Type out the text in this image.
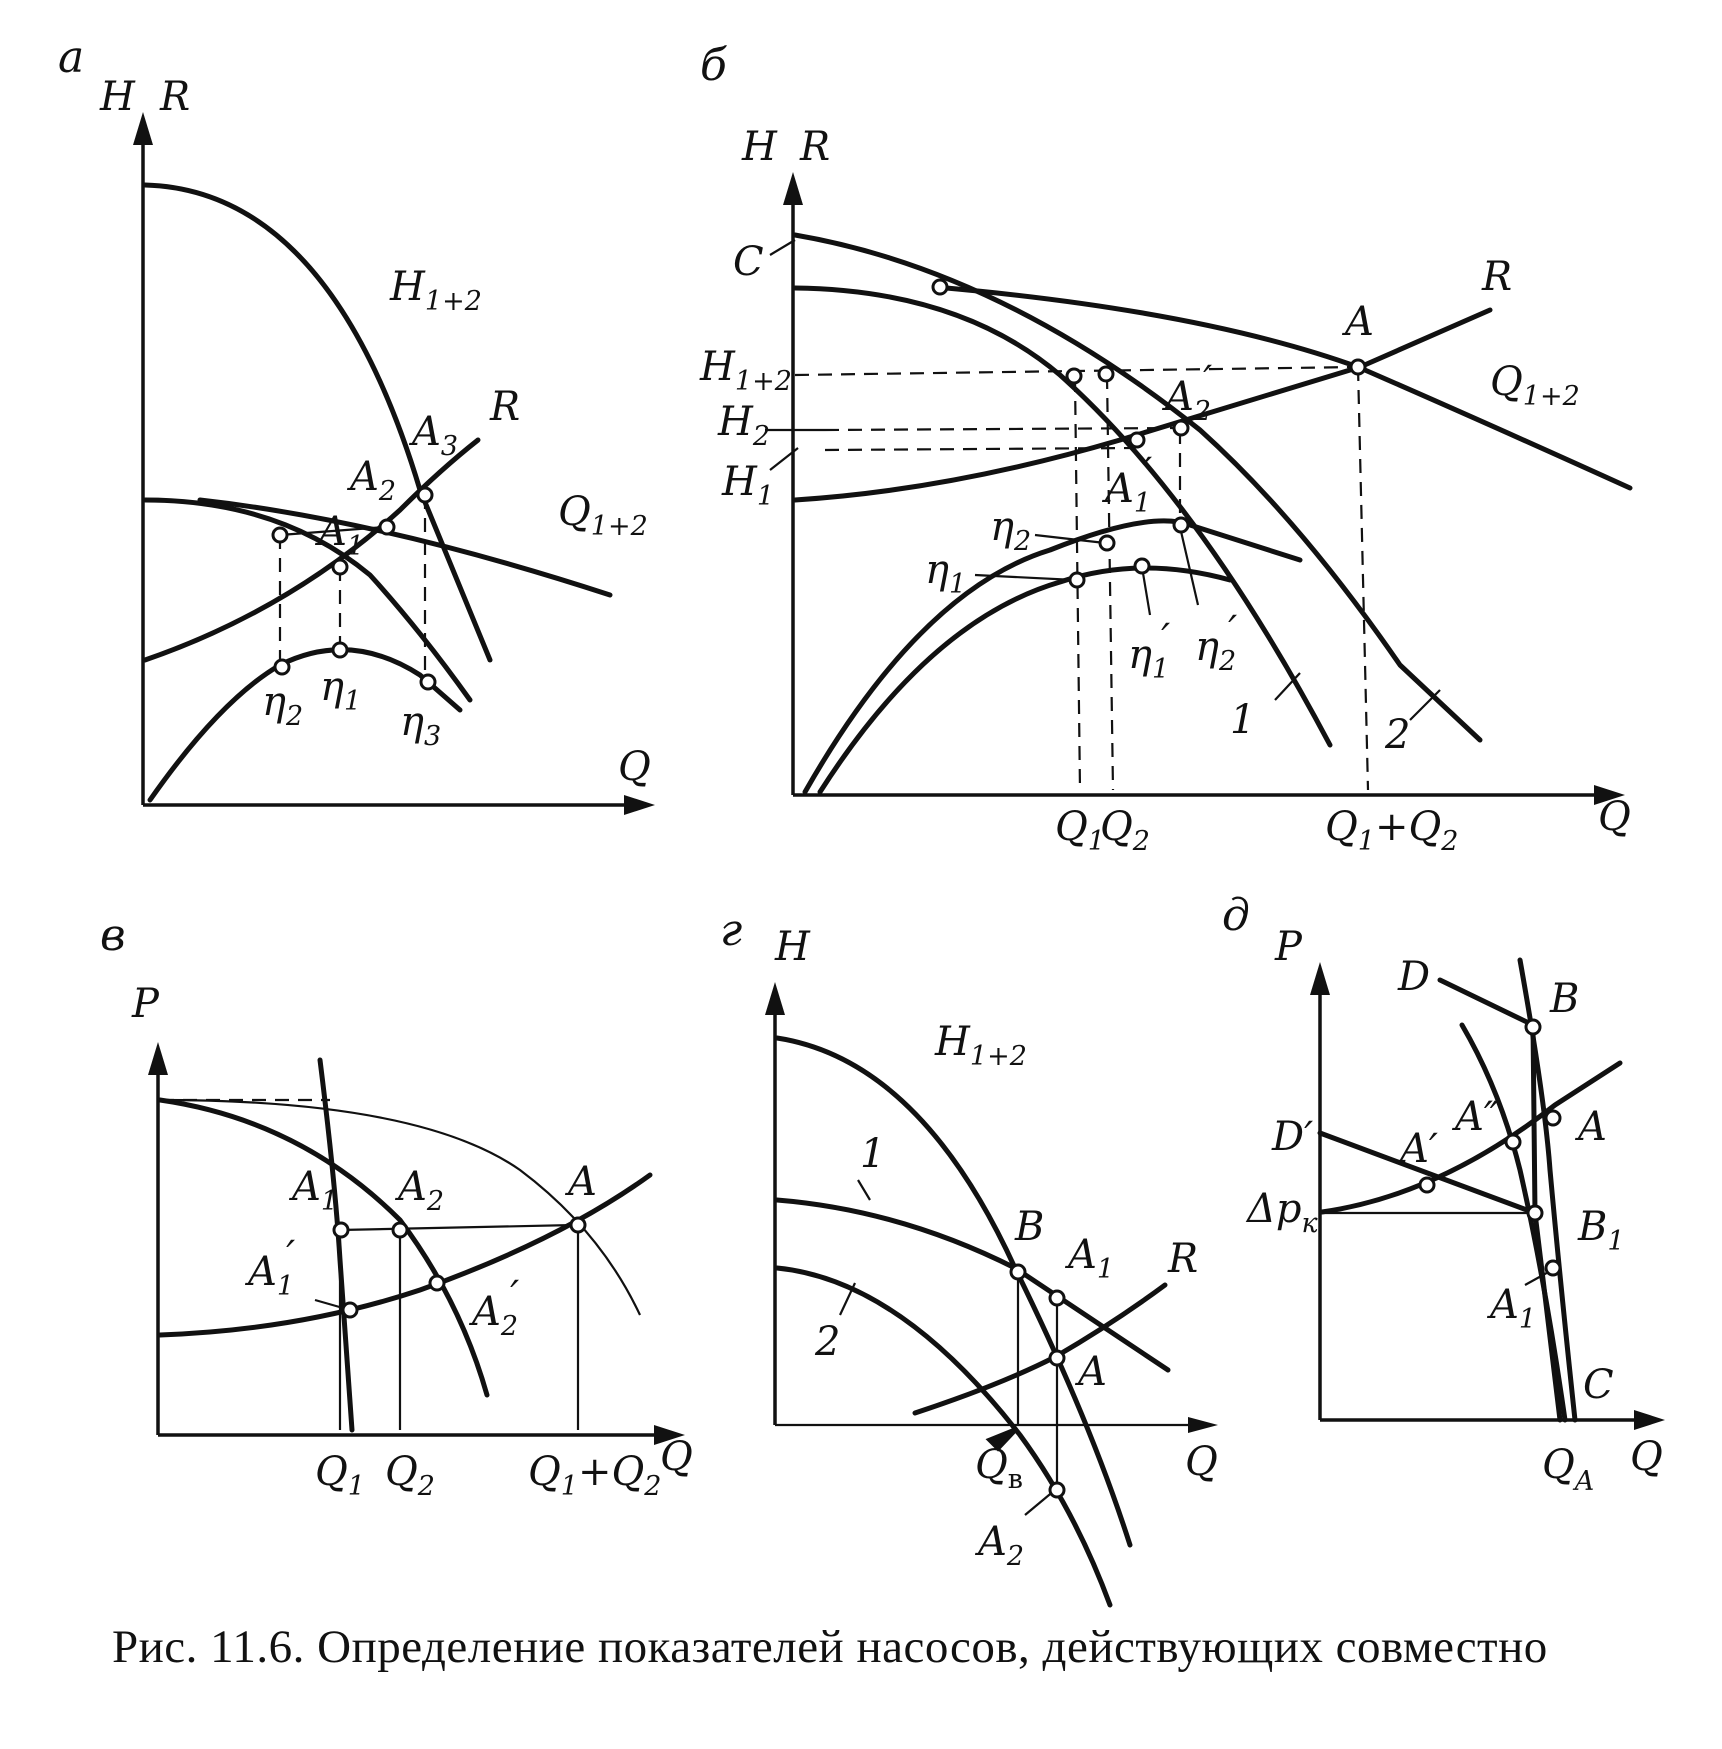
а
H R
Q
$H_{1+2}$
R
$Q_{1+2}$
$A_3$
$A_2$
$A_1$
$\eta_2$
$\eta_1$ $\eta_3$
б
H R
Q
C
$H_{1+2}$
$H_2$
$H_1$
R
A
$Q_{1+2}$
$A_2'$
$A_1'$
$\eta_2$
$\eta_1$
$\eta_1'$ $\eta_2'$
1	2
$Q_1$
$Q_2$	$Q_1+Q_2$
в
P
Q
$A_1$ $A_2$	A
$A_1'$
$A_2'$
$Q_1$ $Q_2$ $Q_1+Q_2$
г H
Q
$H_{1+2}$
1
2
R
B
$A_1$
A
$A_2$
$Q_в$
д
P
Q
D	B
D′ A′
A″ A
$\Delta p_к$	$B_1$
$A_1$
C
$Q_A$
Рис. 11.6. Определение показателей насосов, действующих совместно
